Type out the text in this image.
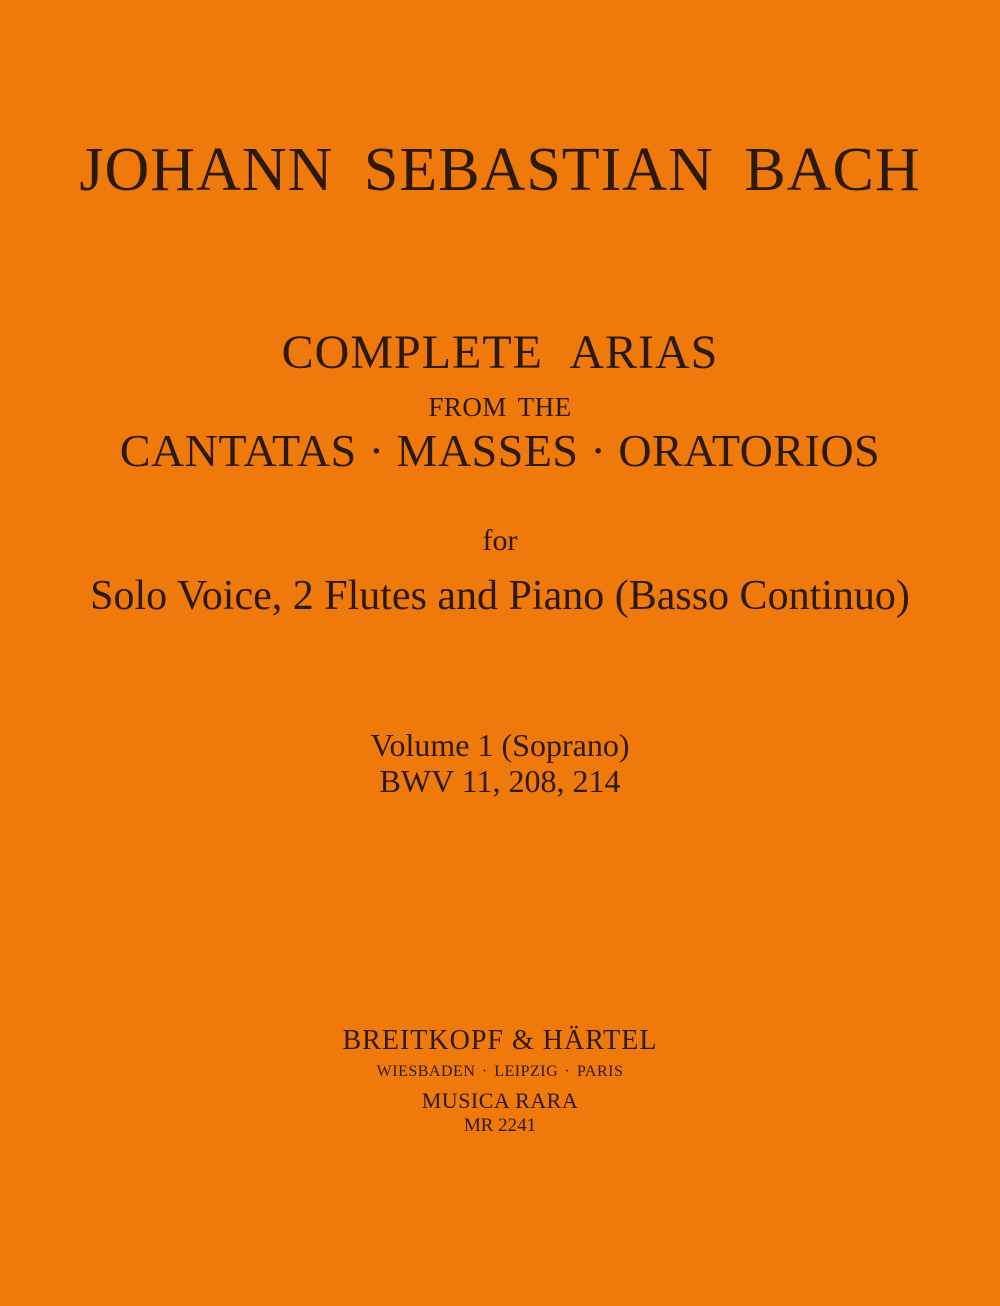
JOHANN SEBASTIAN BACH
COMPLETE ARIAS
FROM THE
CANTATAS · MASSES · ORATORIOS
for
Solo Voice, 2 Flutes and Piano (Basso Continuo)
Volume 1 (Soprano)
BWV 11, 208, 214
BREITKOPF & HÄRTEL
WIESBADEN · LEIPZIG · PARIS
MUSICA RARA
MR 2241
